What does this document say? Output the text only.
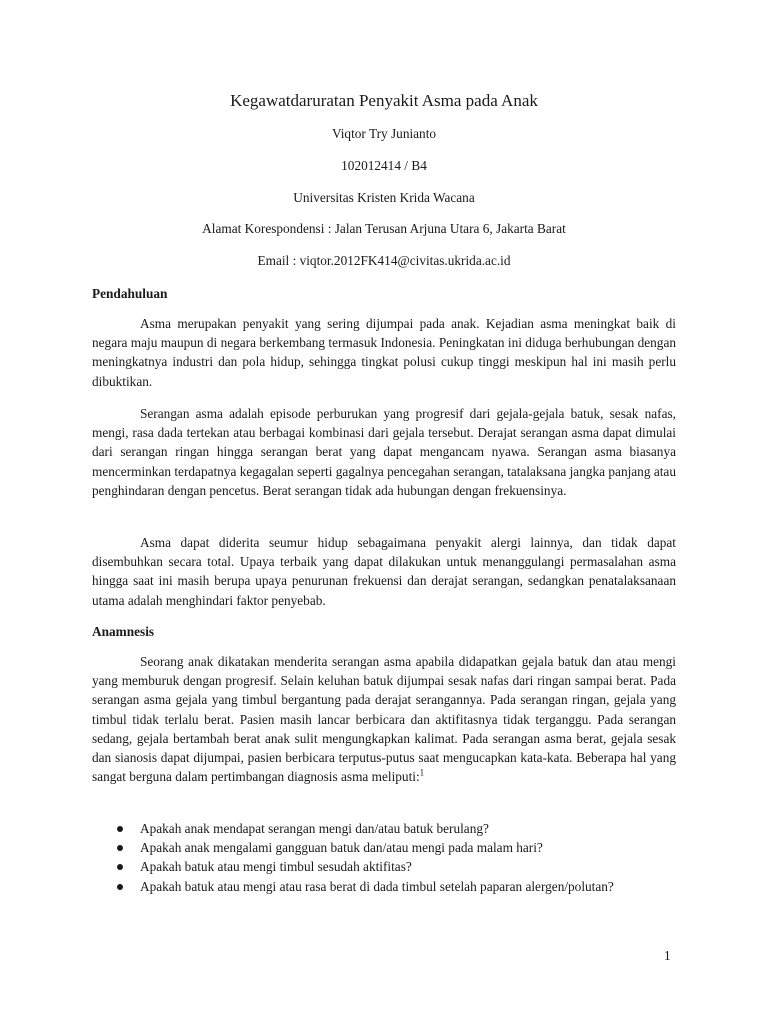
Kegawatdaruratan Penyakit Asma pada Anak
Viqtor Try Junianto
102012414 / B4
Universitas Kristen Krida Wacana
Alamat Korespondensi : Jalan Terusan Arjuna Utara 6, Jakarta Barat
Email : viqtor.2012FK414@civitas.ukrida.ac.id
Pendahuluan

Asma merupakan penyakit yang sering dijumpai pada anak. Kejadian asma meningkat baik di negara maju maupun di negara berkembang termasuk Indonesia. Peningkatan ini diduga berhubungan dengan meningkatnya industri dan pola hidup, sehingga tingkat polusi cukup tinggi meskipun hal ini masih perlu dibuktikan.

Serangan asma adalah episode perburukan yang progresif dari gejala-gejala batuk, sesak nafas, mengi, rasa dada tertekan atau berbagai kombinasi dari gejala tersebut. Derajat serangan asma dapat dimulai dari serangan ringan hingga serangan berat yang dapat mengancam nyawa. Serangan asma biasanya mencerminkan terdapatnya kegagalan seperti gagalnya pencegahan serangan, tatalaksana jangka panjang atau penghindaran dengan pencetus. Berat serangan tidak ada hubungan dengan frekuensinya.

Asma dapat diderita seumur hidup sebagaimana penyakit alergi lainnya, dan tidak dapat disembuhkan secara total. Upaya terbaik yang dapat dilakukan untuk menanggulangi permasalahan asma hingga saat ini masih berupa upaya penurunan frekuensi dan derajat serangan, sedangkan penatalaksanaan utama adalah menghindari faktor penyebab.

Anamnesis

Seorang anak dikatakan menderita serangan asma apabila didapatkan gejala batuk dan atau mengi yang memburuk dengan progresif. Selain keluhan batuk dijumpai sesak nafas dari ringan sampai berat. Pada serangan asma gejala yang timbul bergantung pada derajat serangannya. Pada serangan ringan, gejala yang timbul tidak terlalu berat. Pasien masih lancar berbicara dan aktifitasnya tidak terganggu. Pada serangan sedang, gejala bertambah berat anak sulit mengungkapkan kalimat. Pada serangan asma berat, gejala sesak dan sianosis dapat dijumpai, pasien berbicara terputus-putus saat mengucapkan kata-kata. Beberapa hal yang sangat berguna dalam pertimbangan diagnosis asma meliputi:$^1$

Apakah anak mendapat serangan mengi dan/atau batuk berulang?
Apakah anak mengalami gangguan batuk dan/atau mengi pada malam hari?
Apakah batuk atau mengi timbul sesudah aktifitas?
Apakah batuk atau mengi atau rasa berat di dada timbul setelah paparan alergen/polutan?
1
